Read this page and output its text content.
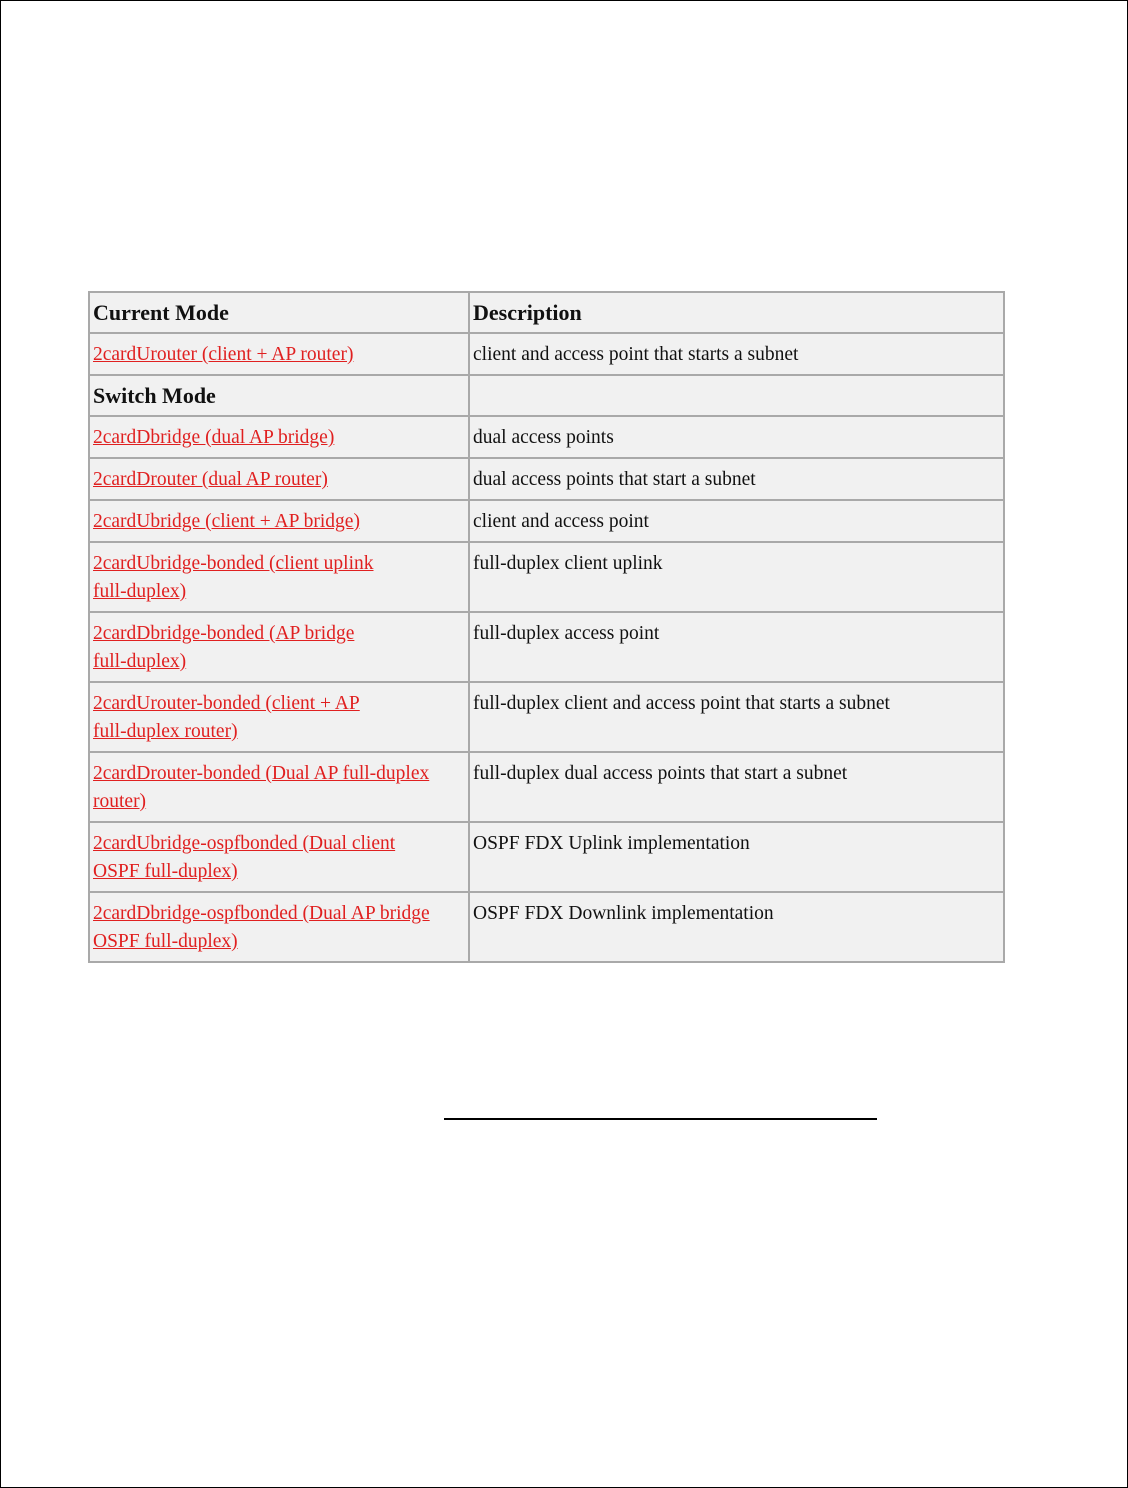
Current Mode	Description
2cardUrouter (client + AP router)	client and access point that starts a subnet
Switch Mode	
2cardDbridge (dual AP bridge)	dual access points
2cardDrouter (dual AP router)	dual access points that start a subnet
2cardUbridge (client + AP bridge)	client and access point
2cardUbridge-bonded (client uplink
full-duplex)	full-duplex client uplink
2cardDbridge-bonded (AP bridge
full-duplex)	full-duplex access point
2cardUrouter-bonded (client + AP
full-duplex router)	full-duplex client and access point that starts a subnet
2cardDrouter-bonded (Dual AP full-duplex
router)	full-duplex dual access points that start a subnet
2cardUbridge-ospfbonded (Dual client
OSPF full-duplex)	OSPF FDX Uplink implementation
2cardDbridge-ospfbonded (Dual AP bridge
OSPF full-duplex)	OSPF FDX Downlink implementation
